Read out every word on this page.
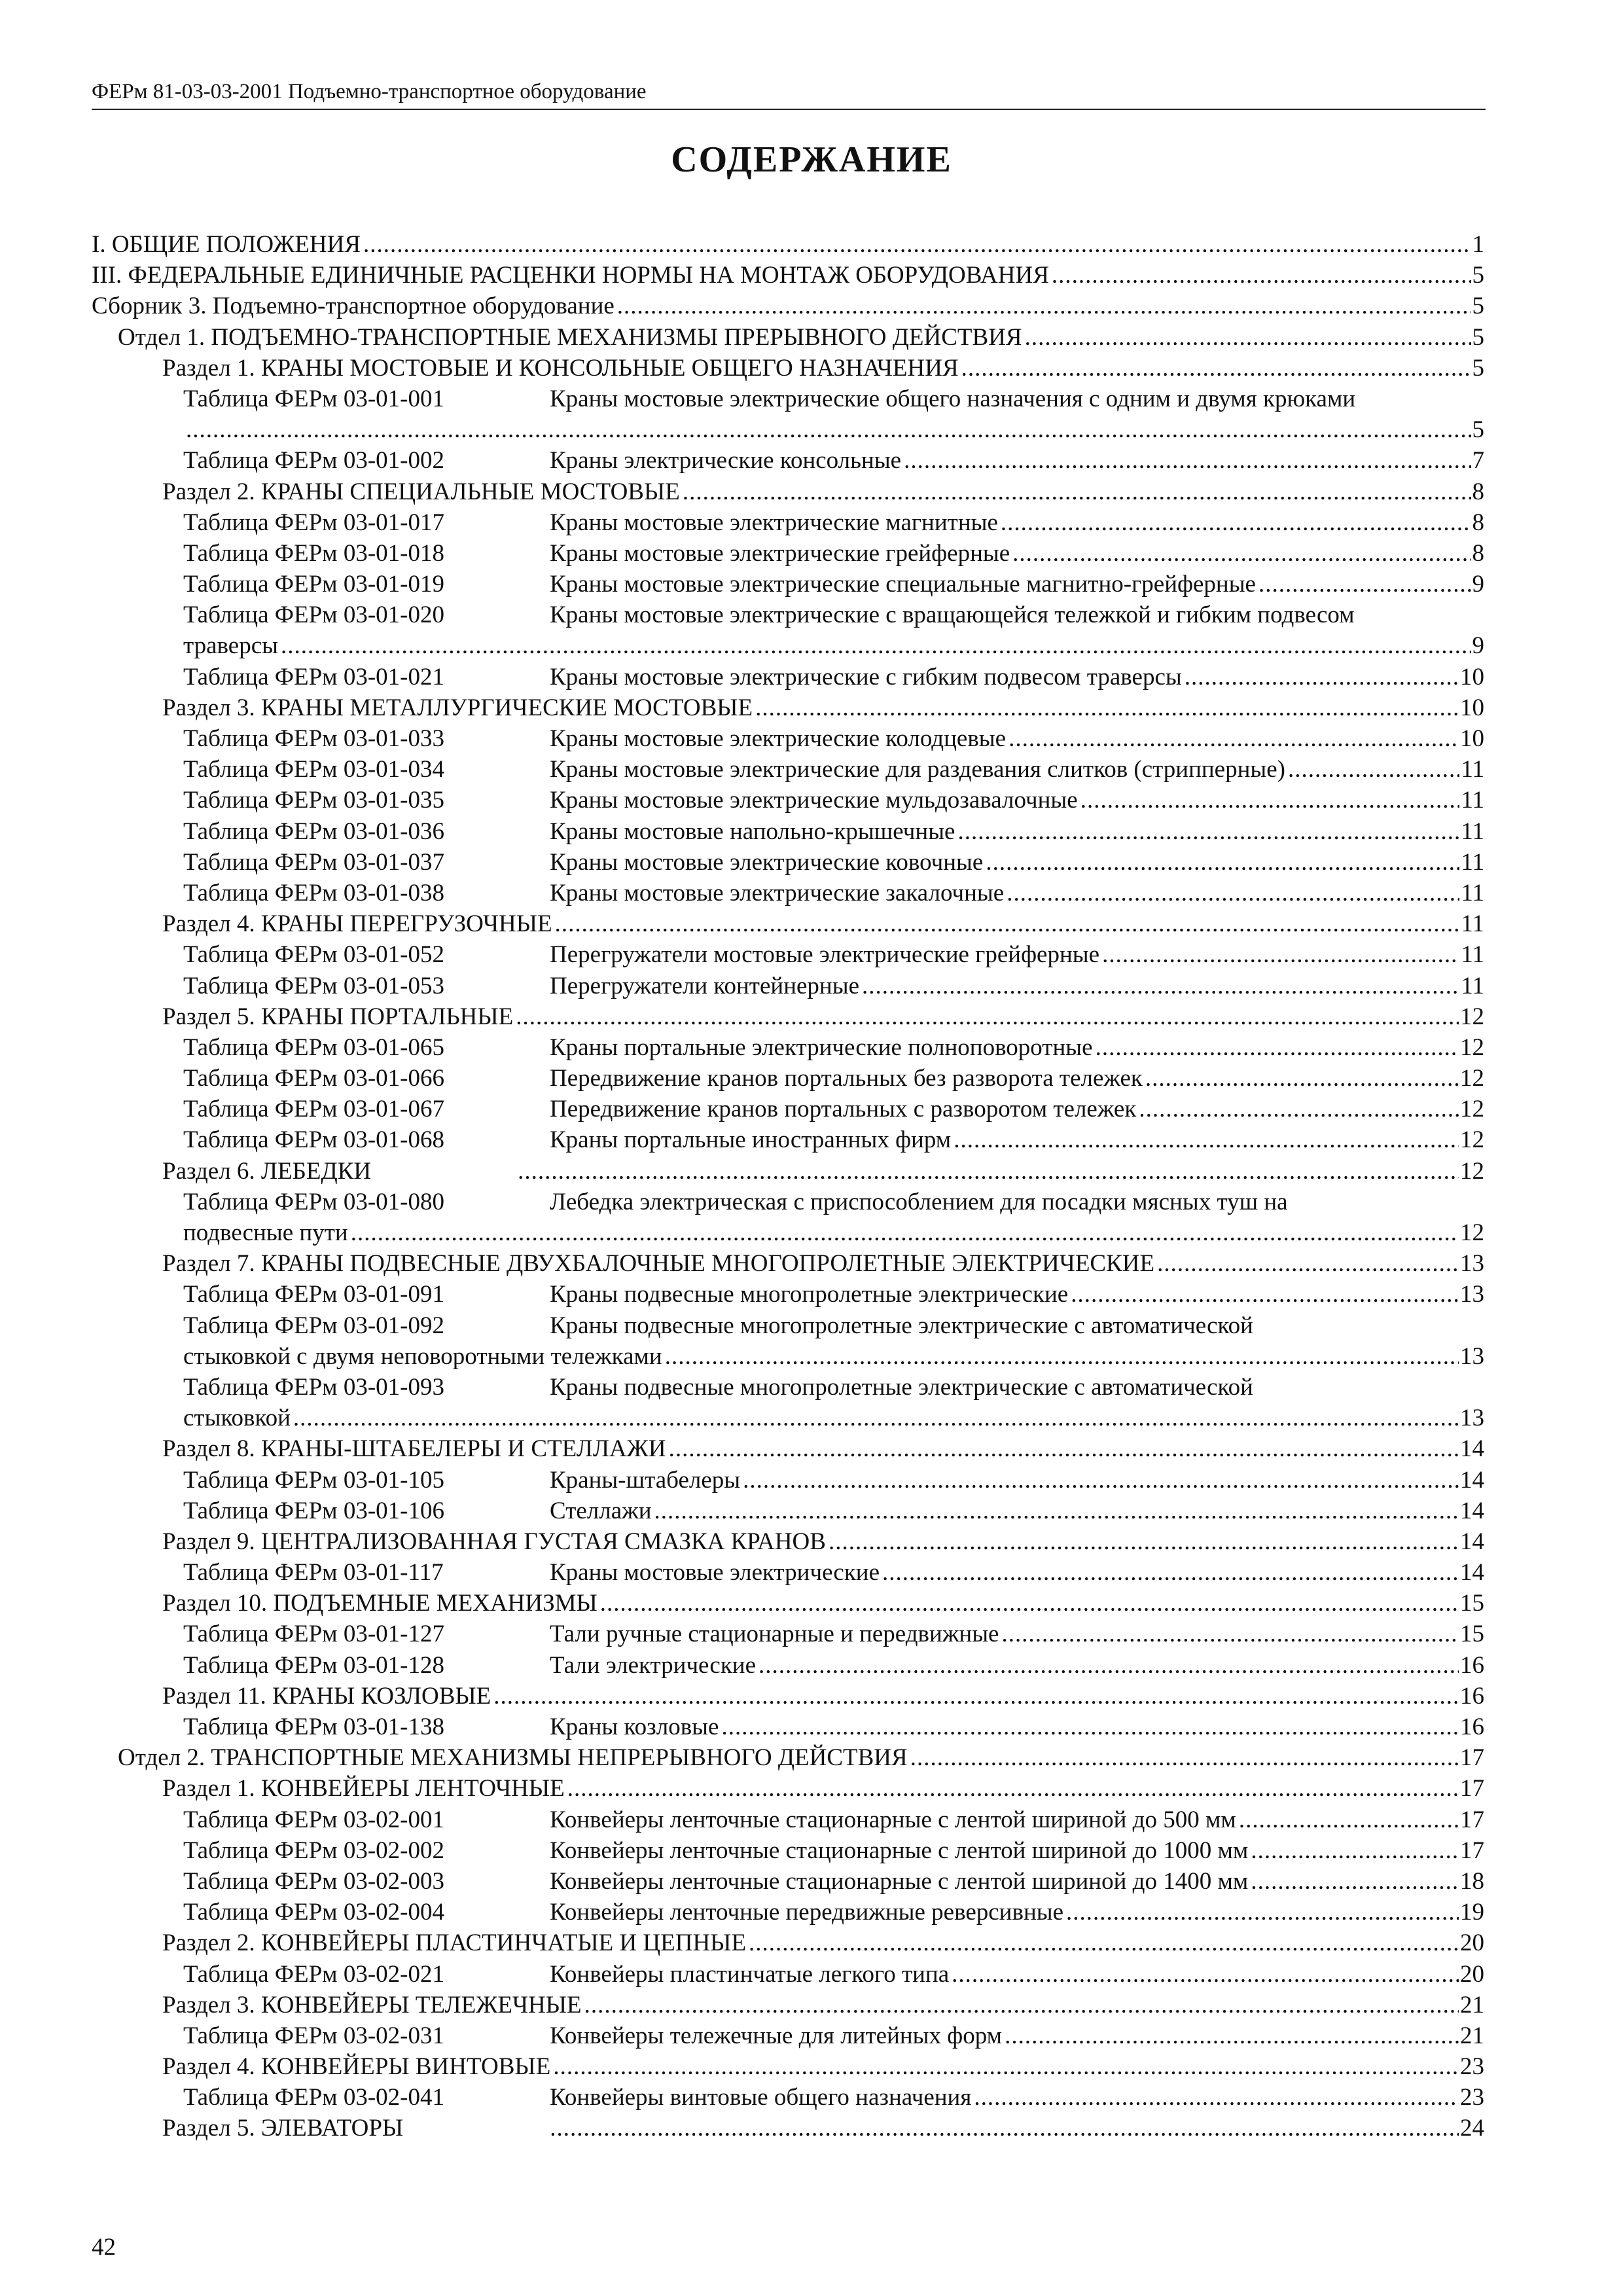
ФЕРм 81-03-03-2001 Подъемно-транспортное оборудование
СОДЕРЖАНИЕ
I. ОБЩИЕ ПОЛОЖЕНИЯ .....	1
III. ФЕДЕРАЛЬНЫЕ ЕДИНИЧНЫЕ РАСЦЕНКИ НОРМЫ НА МОНТАЖ ОБОРУДОВАНИЯ .....	5
Сборник 3. Подъемно-транспортное оборудование .....	5
Отдел 1. ПОДЪЕМНО-ТРАНСПОРТНЫЕ МЕХАНИЗМЫ ПРЕРЫВНОГО ДЕЙСТВИЯ .....	5
Раздел 1. КРАНЫ МОСТОВЫЕ И КОНСОЛЬНЫЕ ОБЩЕГО НАЗНАЧЕНИЯ .....	5
Таблица ФЕРм 03-01-001	Краны мостовые электрические общего назначения с одним и двумя крюками
.....
5
Таблица ФЕРм 03-01-002	Краны электрические консольные .....	7
Раздел 2. КРАНЫ СПЕЦИАЛЬНЫЕ МОСТОВЫЕ .....	8
Таблица ФЕРм 03-01-017	Краны мостовые электрические магнитные .....	8
Таблица ФЕРм 03-01-018	Краны мостовые электрические грейферные .....	8
Таблица ФЕРм 03-01-019	Краны мостовые электрические специальные магнитно-грейферные .....	9
Таблица ФЕРм 03-01-020	Краны мостовые электрические с вращающейся тележкой и гибким подвесом
траверсы .....	9
Таблица ФЕРм 03-01-021	Краны мостовые электрические с гибким подвесом траверсы .....	10
Раздел 3. КРАНЫ МЕТАЛЛУРГИЧЕСКИЕ МОСТОВЫЕ .....	10
Таблица ФЕРм 03-01-033	Краны мостовые электрические колодцевые .....	10
Таблица ФЕРм 03-01-034	Краны мостовые электрические для раздевания слитков (стрипперные) .....	11
Таблица ФЕРм 03-01-035	Краны мостовые электрические мульдозавалочные .....	11
Таблица ФЕРм 03-01-036	Краны мостовые напольно-крышечные .....	11
Таблица ФЕРм 03-01-037	Краны мостовые электрические ковочные .....	11
Таблица ФЕРм 03-01-038	Краны мостовые электрические закалочные .....	11
Раздел 4. КРАНЫ ПЕРЕГРУЗОЧНЫЕ .....	11
Таблица ФЕРм 03-01-052	Перегружатели мостовые электрические грейферные .....	11
Таблица ФЕРм 03-01-053	Перегружатели контейнерные .....	11
Раздел 5. КРАНЫ ПОРТАЛЬНЫЕ .....	12
Таблица ФЕРм 03-01-065	Краны портальные электрические полноповоротные .....	12
Таблица ФЕРм 03-01-066	Передвижение кранов портальных без разворота тележек .....	12
Таблица ФЕРм 03-01-067	Передвижение кранов портальных с разворотом тележек .....	12
Таблица ФЕРм 03-01-068	Краны портальные иностранных фирм .....	12
Раздел 6. ЛЕБЕДКИ .....	12
Таблица ФЕРм 03-01-080	Лебедка электрическая с приспособлением для посадки мясных туш на
подвесные пути .....	12
Раздел 7. КРАНЫ ПОДВЕСНЫЕ ДВУХБАЛОЧНЫЕ МНОГОПРОЛЕТНЫЕ ЭЛЕКТРИЧЕСКИЕ .....	13
Таблица ФЕРм 03-01-091	Краны подвесные многопролетные электрические .....	13
Таблица ФЕРм 03-01-092	Краны подвесные многопролетные электрические с автоматической
стыковкой с двумя неповоротными тележками .....	13
Таблица ФЕРм 03-01-093	Краны подвесные многопролетные электрические с автоматической
стыковкой .....	13
Раздел 8. КРАНЫ-ШТАБЕЛЕРЫ И СТЕЛЛАЖИ .....	14
Таблица ФЕРм 03-01-105	Краны-штабелеры .....	14
Таблица ФЕРм 03-01-106	Стеллажи .....	14
Раздел 9. ЦЕНТРАЛИЗОВАННАЯ ГУСТАЯ СМАЗКА КРАНОВ .....	14
Таблица ФЕРм 03-01-117	Краны мостовые электрические .....	14
Раздел 10. ПОДЪЕМНЫЕ МЕХАНИЗМЫ .....	15
Таблица ФЕРм 03-01-127	Тали ручные стационарные и передвижные .....	15
Таблица ФЕРм 03-01-128	Тали электрические .....	16
Раздел 11. КРАНЫ КОЗЛОВЫЕ .....	16
Таблица ФЕРм 03-01-138	Краны козловые .....	16
Отдел 2. ТРАНСПОРТНЫЕ МЕХАНИЗМЫ НЕПРЕРЫВНОГО ДЕЙСТВИЯ .....	17
Раздел 1. КОНВЕЙЕРЫ ЛЕНТОЧНЫЕ .....	17
Таблица ФЕРм 03-02-001	Конвейеры ленточные стационарные с лентой шириной до 500 мм .....	17
Таблица ФЕРм 03-02-002	Конвейеры ленточные стационарные с лентой шириной до 1000 мм .....	17
Таблица ФЕРм 03-02-003	Конвейеры ленточные стационарные с лентой шириной до 1400 мм .....	18
Таблица ФЕРм 03-02-004	Конвейеры ленточные передвижные реверсивные .....	19
Раздел 2. КОНВЕЙЕРЫ ПЛАСТИНЧАТЫЕ И ЦЕПНЫЕ .....	20
Таблица ФЕРм 03-02-021	Конвейеры пластинчатые легкого типа .....	20
Раздел 3. КОНВЕЙЕРЫ ТЕЛЕЖЕЧНЫЕ .....	21
Таблица ФЕРм 03-02-031	Конвейеры тележечные для литейных форм .....	21
Раздел 4. КОНВЕЙЕРЫ ВИНТОВЫЕ .....	23
Таблица ФЕРм 03-02-041	Конвейеры винтовые общего назначения .....	23
Раздел 5. ЭЛЕВАТОРЫ .....	24
42
